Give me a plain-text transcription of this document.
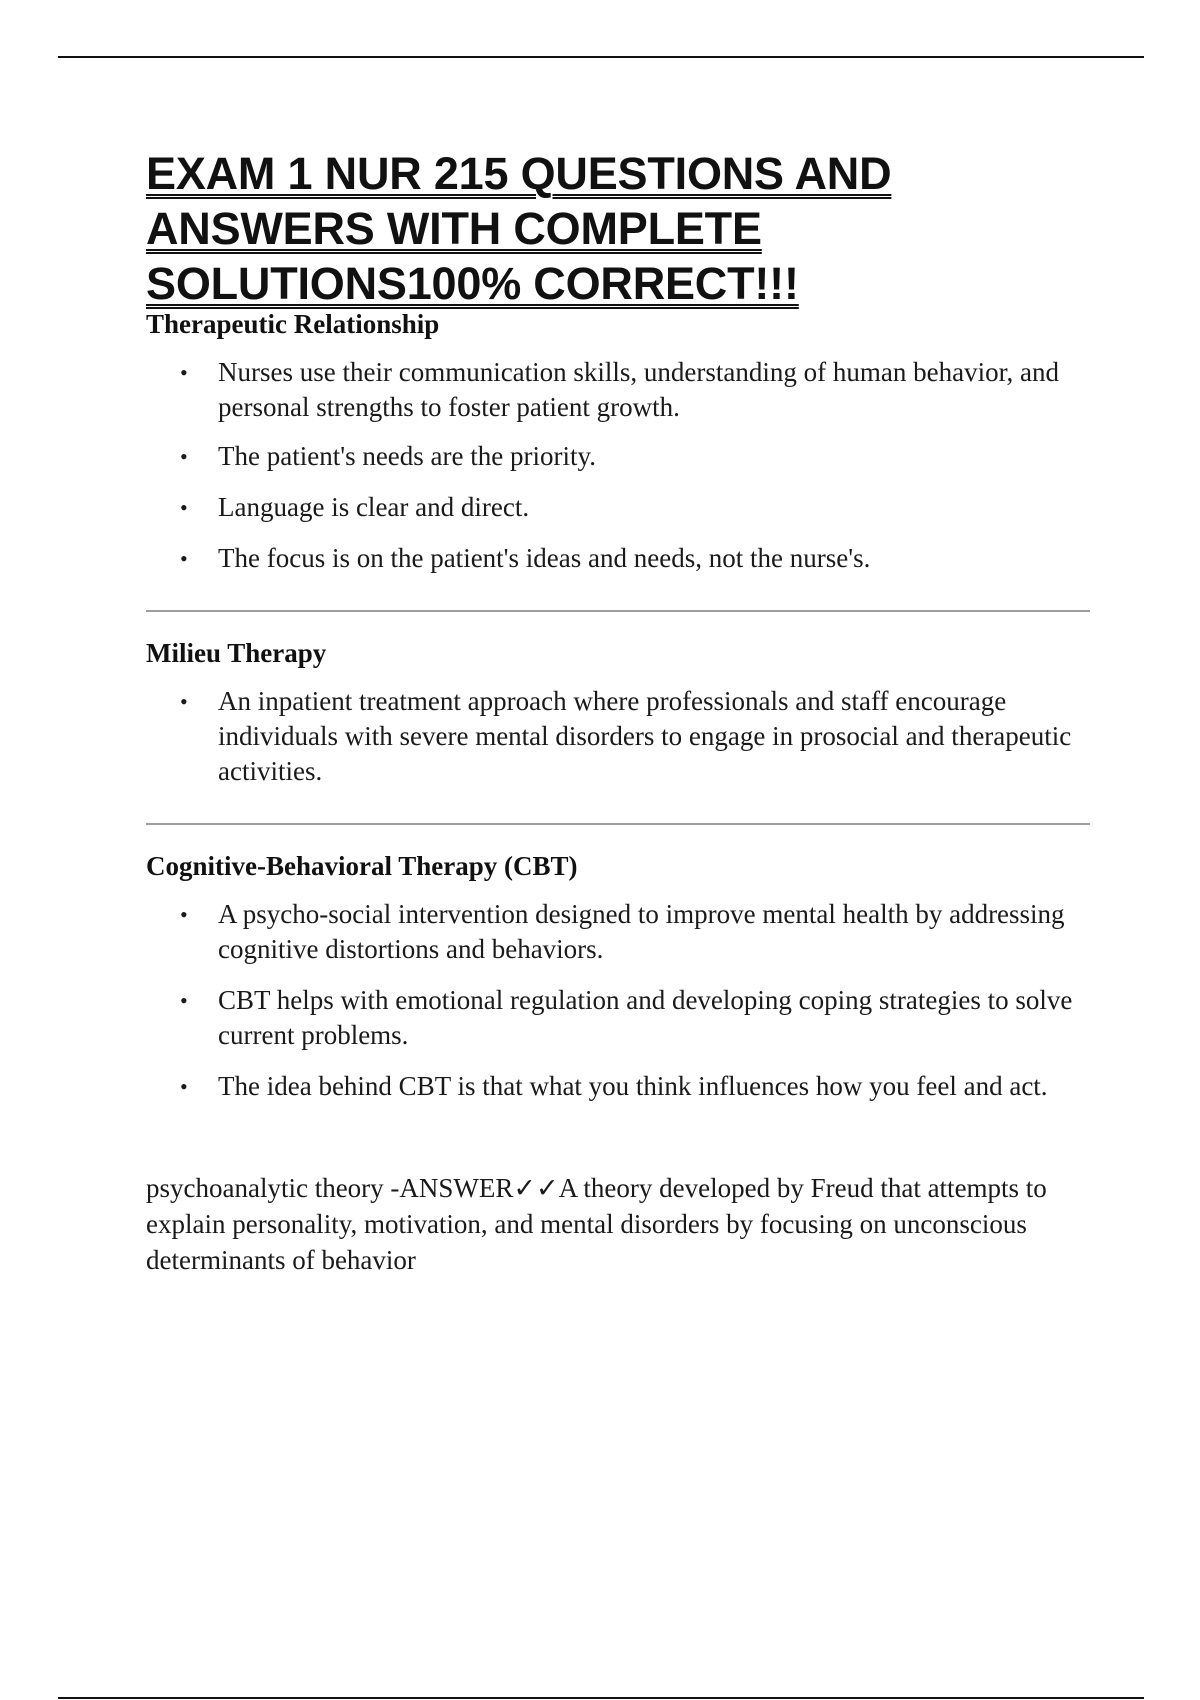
EXAM 1 NUR 215 QUESTIONS AND ANSWERS WITH COMPLETE SOLUTIONS100% CORRECT!!!
Therapeutic Relationship
• Nurses use their communication skills, understanding of human behavior, and personal strengths to foster patient growth.
• The patient's needs are the priority.
• Language is clear and direct.
• The focus is on the patient's ideas and needs, not the nurse's.
Milieu Therapy
• An inpatient treatment approach where professionals and staff encourage individuals with severe mental disorders to engage in prosocial and therapeutic activities.
Cognitive-Behavioral Therapy (CBT)
• A psycho-social intervention designed to improve mental health by addressing cognitive distortions and behaviors.
• CBT helps with emotional regulation and developing coping strategies to solve current problems.
• The idea behind CBT is that what you think influences how you feel and act.

psychoanalytic theory -ANSWER✓✓A theory developed by Freud that attempts to explain personality, motivation, and mental disorders by focusing on unconscious determinants of behavior
